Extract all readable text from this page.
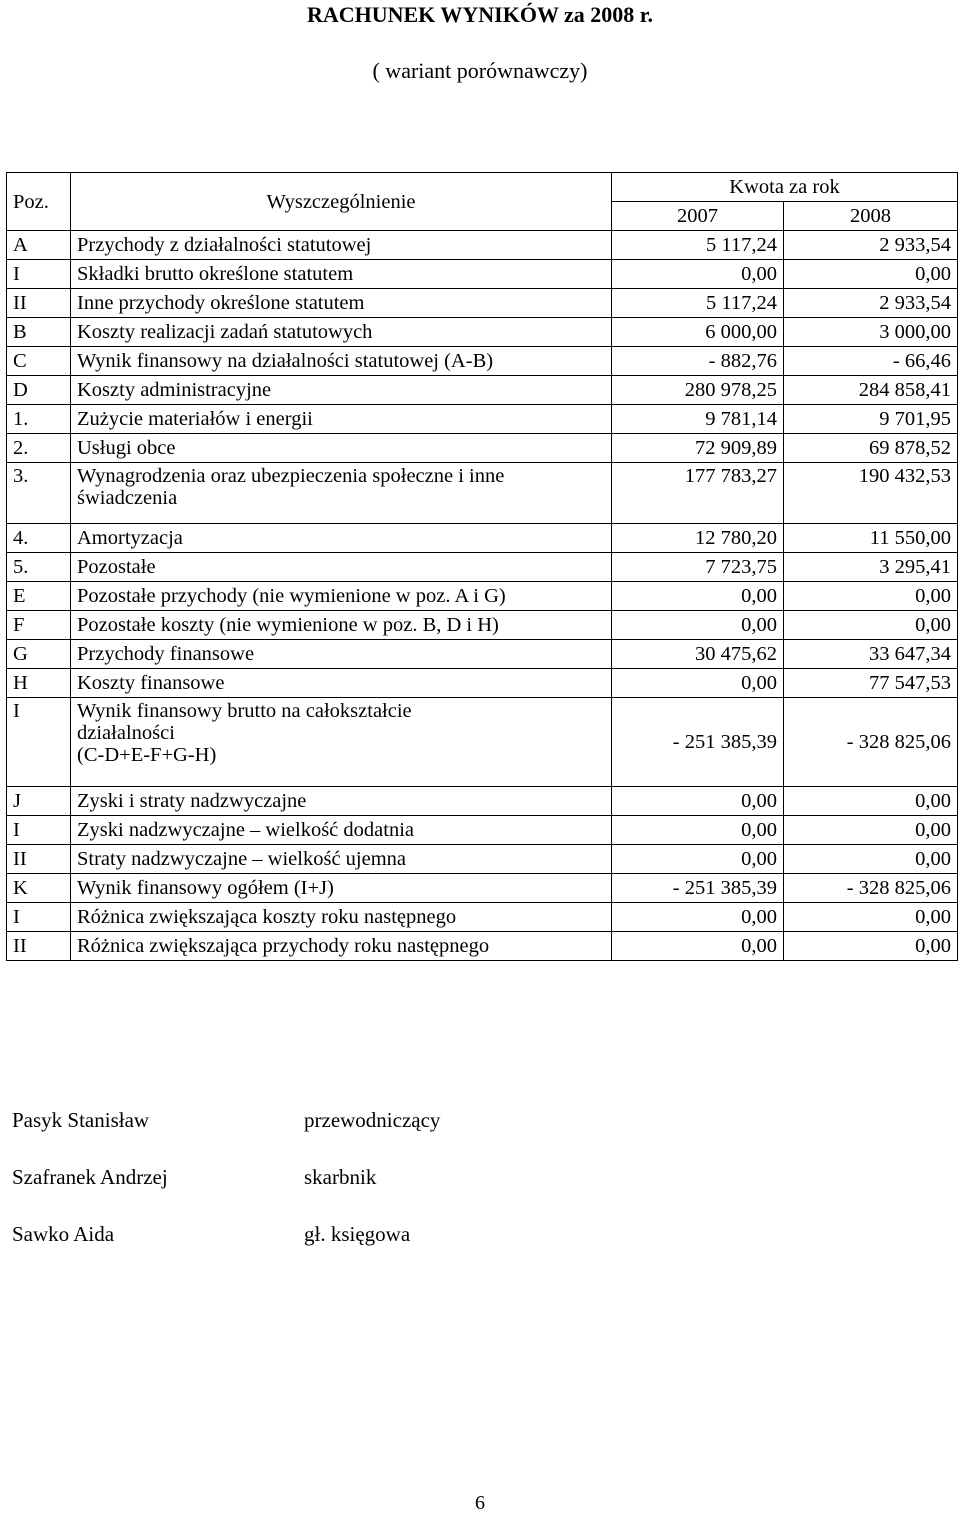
RACHUNEK WYNIKÓW za 2008 r.

( wariant porównawczy)

Poz.	Wyszczególnienie	Kwota za rok	
		2007	2008
A	Przychody z działalności statutowej	5 117,24	2 933,54
I	Składki brutto określone statutem	0,00	0,00
II	Inne przychody określone statutem	5 117,24	2 933,54
B	Koszty realizacji zadań statutowych	6 000,00	3 000,00
C	Wynik finansowy na działalności statutowej (A-B)	- 882,76	- 66,46
D	Koszty administracyjne	280 978,25	284 858,41
1.	Zużycie materiałów i energii	9 781,14	9 701,95
2.	Usługi obce	72 909,89	69 878,52
3.	Wynagrodzenia oraz ubezpieczenia społeczne i inne świadczenia	177 783,27	190 432,53
4.	Amortyzacja	12 780,20	11 550,00
5.	Pozostałe	7 723,75	3 295,41
E	Pozostałe przychody (nie wymienione w poz. A i G)	0,00	0,00
F	Pozostałe koszty (nie wymienione w poz. B, D i H)	0,00	0,00
G	Przychody finansowe	30 475,62	33 647,34
H	Koszty finansowe	0,00	77 547,53
I	Wynik finansowy brutto na całokształcie
działalności
(C-D+E-F+G-H)	- 251 385,39	- 328 825,06
J	Zyski i straty nadzwyczajne	0,00	0,00
I	Zyski nadzwyczajne – wielkość dodatnia	0,00	0,00
II	Straty nadzwyczajne – wielkość ujemna	0,00	0,00
K	Wynik finansowy ogółem (I+J)	- 251 385,39	- 328 825,06
I	Różnica zwiększająca koszty roku następnego	0,00	0,00
II	Różnica zwiększająca przychody roku następnego	0,00	0,00
Pasyk Stanisław	przewodniczący
Szafranek Andrzej	skarbnik
Sawko Aida	gł. księgowa
6
